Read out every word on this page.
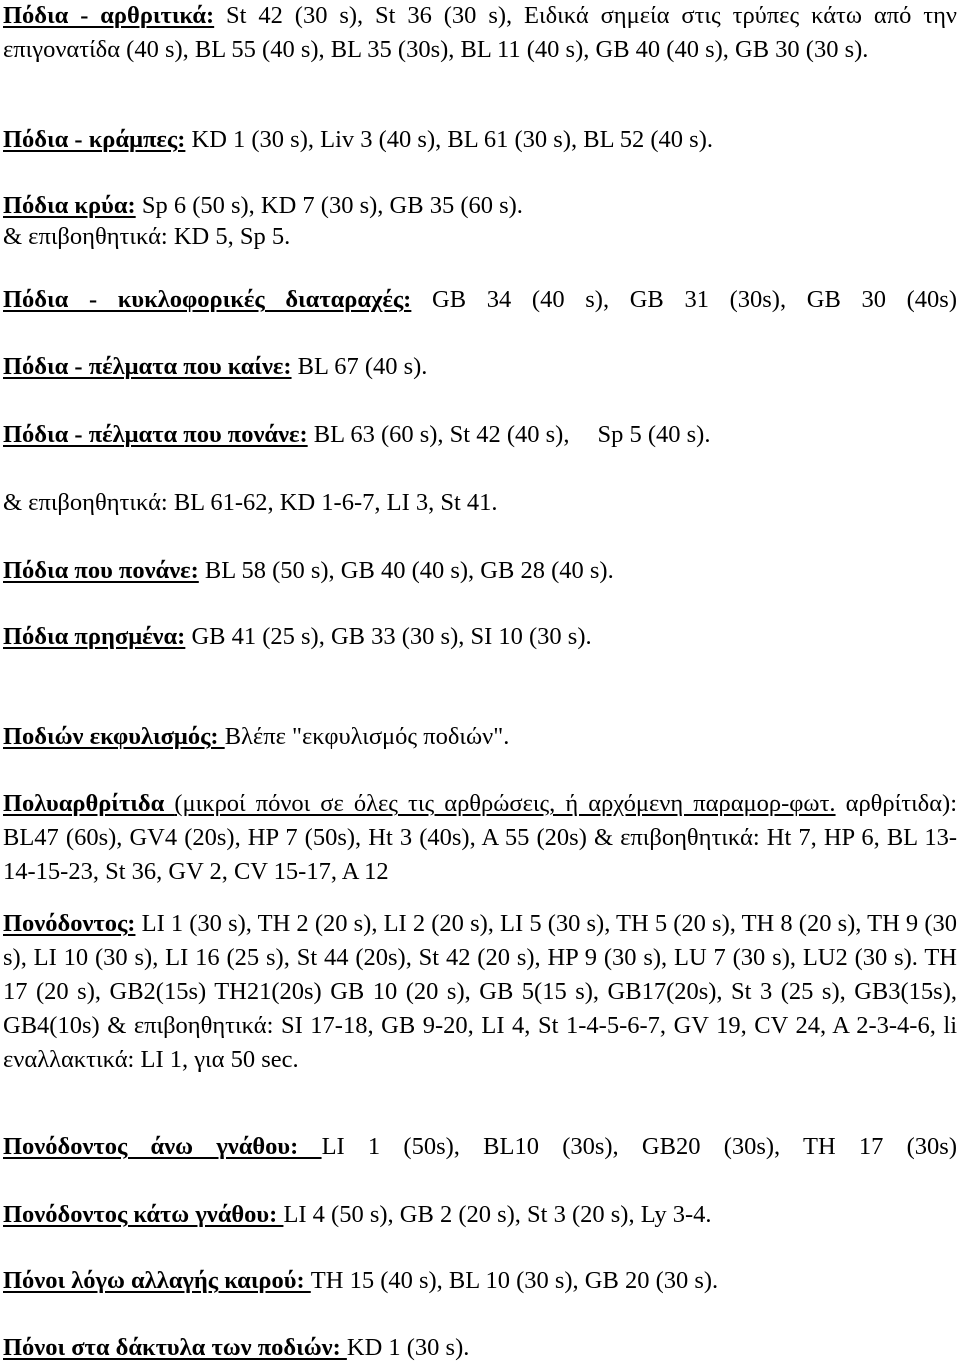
Πόδια - αρθριτικά: St 42 (30 s), St 36 (30 s), Ειδικά σημεία στις τρύπες κάτω από την επιγονατίδα (40 s), BL 55 (40 s), BL 35 (30s), BL 11 (40 s), GB 40 (40 s), GB 30 (30 s).
Πόδια - κράμπες: KD 1 (30 s), Liv 3 (40 s), BL 61 (30 s), BL 52 (40 s).
Πόδια κρύα: Sp 6 (50 s), KD 7 (30 s), GB 35 (60 s).
& επιβοηθητικά: KD 5, Sp 5.
Πόδια - κυκλοφορικές διαταραχές: GB 34 (40 s), GB 31 (30s), GB 30 (40s)
Πόδια - πέλματα που καίνε: BL 67 (40 s).
Πόδια - πέλματα που πονάνε: BL 63 (60 s), St 42 (40 s), Sp 5 (40 s).
& επιβοηθητικά: BL 61-62, KD 1-6-7, LI 3, St 41.
Πόδια που πονάνε: BL 58 (50 s), GB 40 (40 s), GB 28 (40 s).
Πόδια πρησμένα: GB 41 (25 s), GB 33 (30 s), SI 10 (30 s).
Ποδιών εκφυλισμός: Βλέπε "εκφυλισμός ποδιών".
Πολυαρθρίτιδα (μικροί πόνοι σε όλες τις αρθρώσεις, ή αρχόμενη παραμορ-φωτ. αρθρίτιδα): BL47 (60s), GV4 (20s), HP 7 (50s), Ht 3 (40s), A 55 (20s) & επιβοηθητικά: Ht 7, HP 6, BL 13-14-15-23, St 36, GV 2, CV 15-17, A 12
Πονόδοντος: LI 1 (30 s), TH 2 (20 s), LI 2 (20 s), LI 5 (30 s), TH 5 (20 s), TH 8 (20 s), TH 9 (30 s), LI 10 (30 s), LI 16 (25 s), St 44 (20s), St 42 (20 s), HP 9 (30 s), LU 7 (30 s), LU2 (30 s). TH 17 (20 s), GB2(15s) TH21(20s) GB 10 (20 s), GB 5(15 s), GB17(20s), St 3 (25 s), GB3(15s), GB4(10s) & επιβοηθητικά: SI 17-18, GB 9-20, LI 4, St 1-4-5-6-7, GV 19, CV 24, A 2-3-4-6, li εναλλακτικά: LI 1, για 50 sec.
Πονόδοντος άνω γνάθου: LI 1 (50s), BL10 (30s), GB20 (30s), TH 17 (30s)
Πονόδοντος κάτω γνάθου: LI 4 (50 s), GB 2 (20 s), St 3 (20 s), Ly 3-4.
Πόνοι λόγω αλλαγής καιρού: TH 15 (40 s), BL 10 (30 s), GB 20 (30 s).
Πόνοι στα δάκτυλα των ποδιών: KD 1 (30 s).
